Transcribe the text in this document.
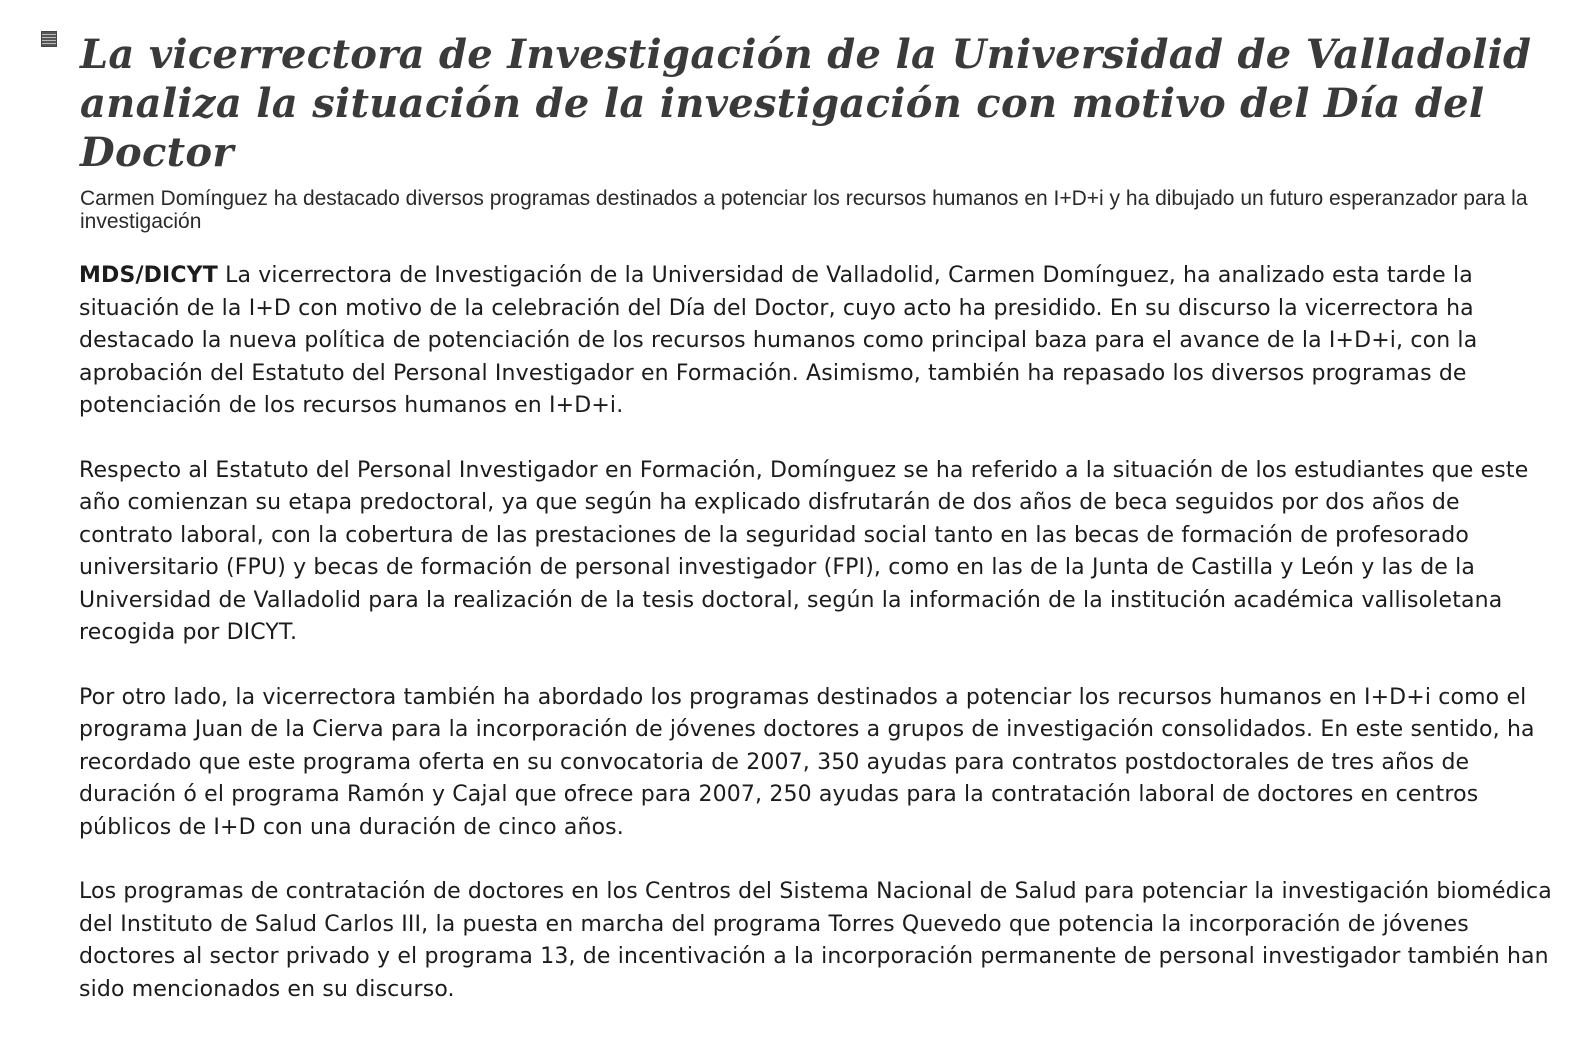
La vicerrectora de Investigación de la Universidad de Valladolid analiza la situación de la investigación con motivo del Día del Doctor

Carmen Domínguez ha destacado diversos programas destinados a potenciar los recursos humanos en I+D+i y ha dibujado un futuro esperanzador para la investigación

MDS/DICYT La vicerrectora de Investigación de la Universidad de Valladolid, Carmen Domínguez, ha analizado esta tarde la situación de la I+D con motivo de la celebración del Día del Doctor, cuyo acto ha presidido. En su discurso la vicerrectora ha destacado la nueva política de potenciación de los recursos humanos como principal baza para el avance de la I+D+i, con la aprobación del Estatuto del Personal Investigador en Formación. Asimismo, también ha repasado los diversos programas de potenciación de los recursos humanos en I+D+i.

Respecto al Estatuto del Personal Investigador en Formación, Domínguez se ha referido a la situación de los estudiantes que este año comienzan su etapa predoctoral, ya que según ha explicado disfrutarán de dos años de beca seguidos por dos años de contrato laboral, con la cobertura de las prestaciones de la seguridad social tanto en las becas de formación de profesorado universitario (FPU) y becas de formación de personal investigador (FPI), como en las de la Junta de Castilla y León y las de la Universidad de Valladolid para la realización de la tesis doctoral, según la información de la institución académica vallisoletana recogida por DICYT.

Por otro lado, la vicerrectora también ha abordado los programas destinados a potenciar los recursos humanos en I+D+i como el programa Juan de la Cierva para la incorporación de jóvenes doctores a grupos de investigación consolidados. En este sentido, ha recordado que este programa oferta en su convocatoria de 2007, 350 ayudas para contratos postdoctorales de tres años de duración ó el programa Ramón y Cajal que ofrece para 2007, 250 ayudas para la contratación laboral de doctores en centros públicos de I+D con una duración de cinco años.

Los programas de contratación de doctores en los Centros del Sistema Nacional de Salud para potenciar la investigación biomédica del Instituto de Salud Carlos III, la puesta en marcha del programa Torres Quevedo que potencia la incorporación de jóvenes doctores al sector privado y el programa 13, de incentivación a la incorporación permanente de personal investigador también han sido mencionados en su discurso.
